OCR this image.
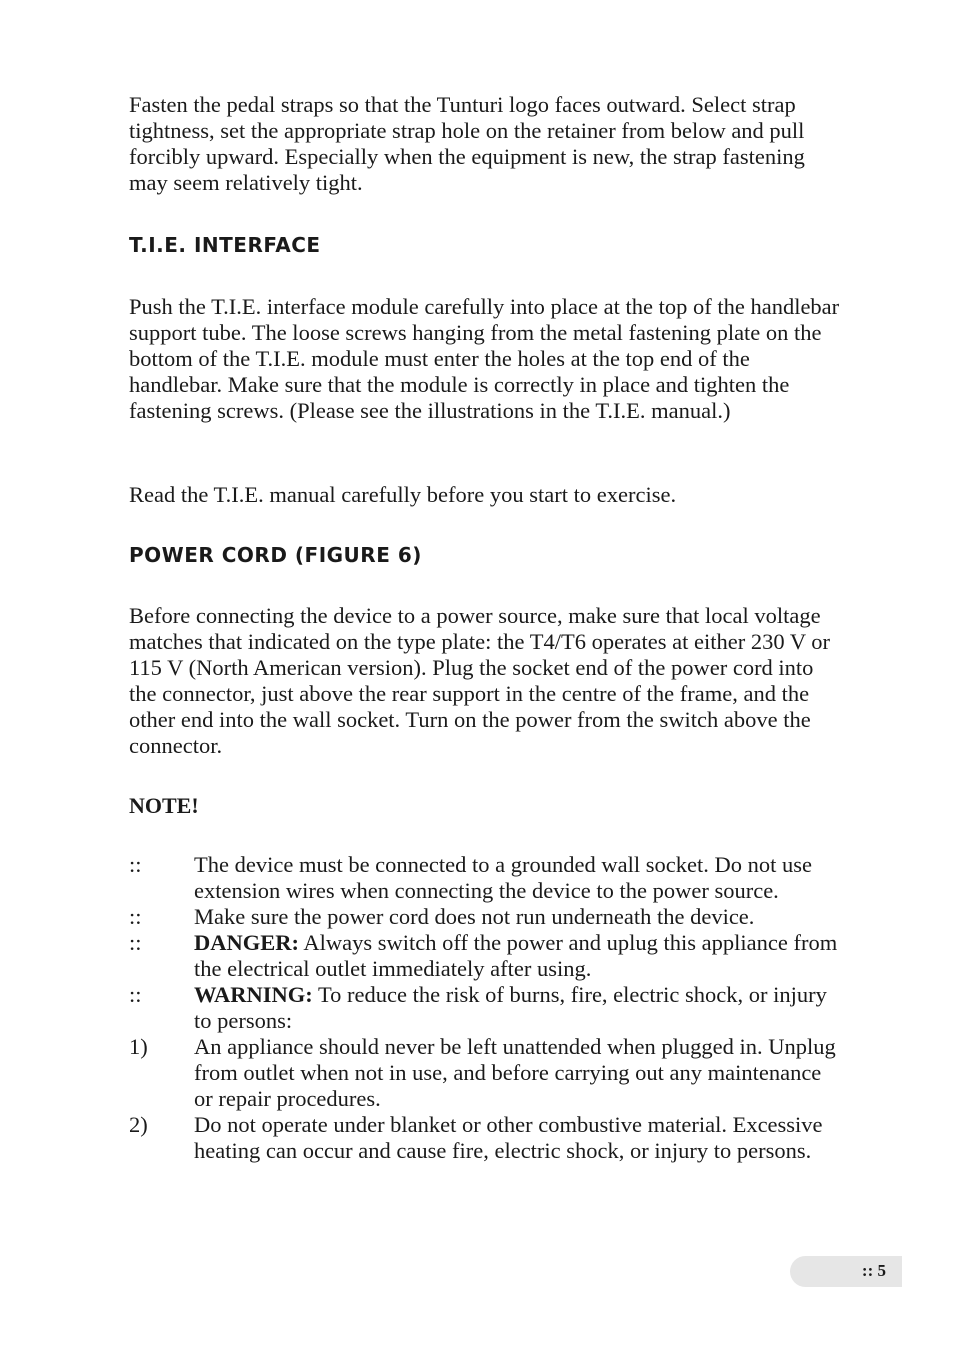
Fasten the pedal straps so that the Tunturi logo faces outward. Select strap tightness, set the appropriate strap hole on the retainer from below and pull forcibly upward. Especially when the equipment is new, the strap fastening may seem relatively tight.

T.I.E. INTERFACE

Push the T.I.E. interface module carefully into place at the top of the handlebar support tube. The loose screws hanging from the metal fastening plate on the bottom of the T.I.E. module must enter the holes at the top end of the handlebar. Make sure that the module is correctly in place and tighten the fastening screws. (Please see the illustrations in the T.I.E. manual.)

Read the T.I.E. manual carefully before you start to exercise.

POWER CORD (FIGURE 6)

Before connecting the device to a power source, make sure that local voltage matches that indicated on the type plate: the T4/T6 operates at either 230 V or 115 V (North American version). Plug the socket end of the power cord into the connector, just above the rear support in the centre of the frame, and the other end into the wall socket. Turn on the power from the switch above the connector.

NOTE!

::	The device must be connected to a grounded wall socket. Do not use extension wires when connecting the device to the power source.
::	Make sure the power cord does not run underneath the device.
::	DANGER: Always switch off the power and uplug this appliance from the electrical outlet immediately after using.
::	WARNING: To reduce the risk of burns, fire, electric shock, or injury to persons:
1)	An appliance should never be left unattended when plugged in. Unplug from outlet when not in use, and before carrying out any maintenance or repair procedures.
2)	Do not operate under blanket or other combustive material. Excessive heating can occur and cause fire, electric shock, or injury to persons.
:: 5
